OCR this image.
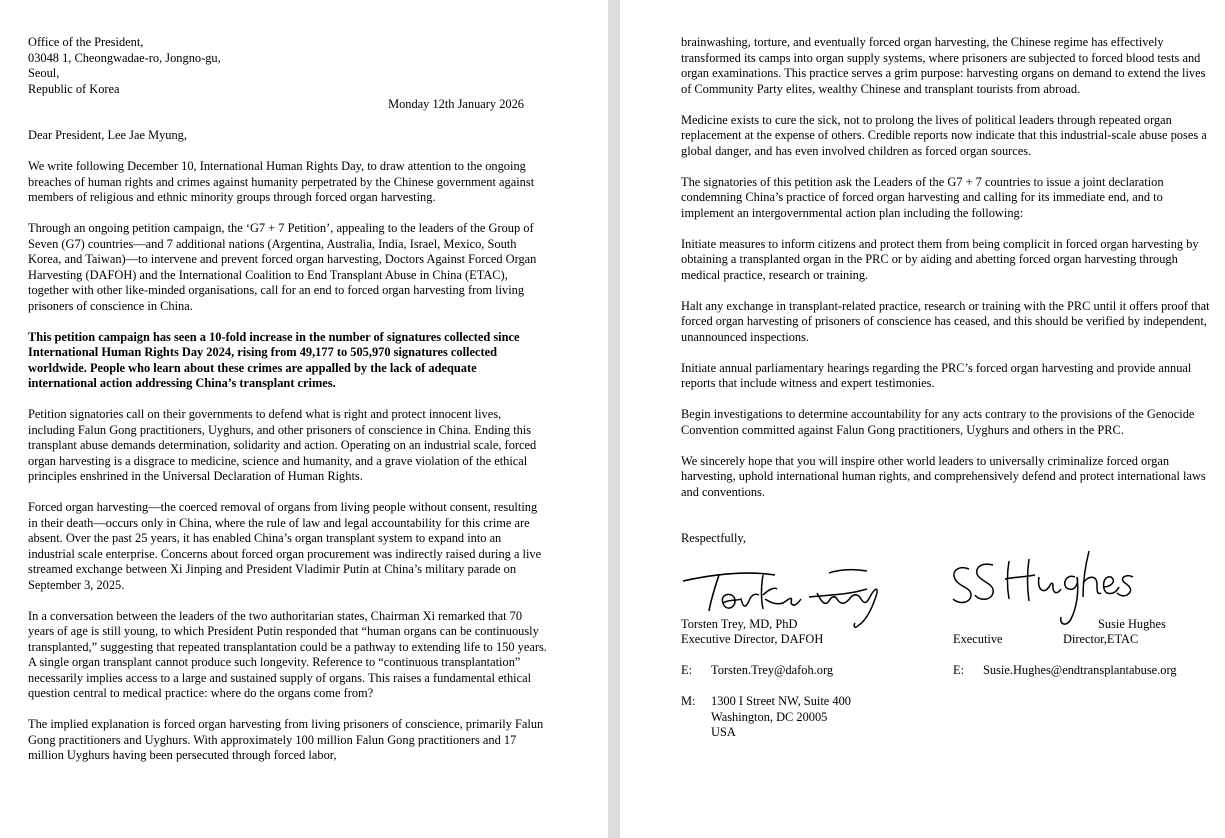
Office of the President,
03048 1, Cheongwadae-ro, Jongno-gu,
Seoul,
Republic of Korea
Monday 12th January 2026

Dear President, Lee Jae Myung,

We write following December 10, International Human Rights Day, to draw attention to the ongoing breaches of human rights and crimes against humanity perpetrated by the Chinese government against members of religious and ethnic minority groups through forced organ harvesting.

Through an ongoing petition campaign, the ‘G7 + 7 Petition’, appealing to the leaders of the Group of Seven (G7) countries—and 7 additional nations (Argentina, Australia, India, Israel, Mexico, South Korea, and Taiwan)—to intervene and prevent forced organ harvesting, Doctors Against Forced Organ Harvesting (DAFOH) and the International Coalition to End Transplant Abuse in China (ETAC), together with other like-minded organisations, call for an end to forced organ harvesting from living prisoners of conscience in China.

This petition campaign has seen a 10-fold increase in the number of signatures collected since International Human Rights Day 2024, rising from 49,177 to 505,970 signatures collected worldwide. People who learn about these crimes are appalled by the lack of adequate international action addressing China’s transplant crimes.

Petition signatories call on their governments to defend what is right and protect innocent lives, including Falun Gong practitioners, Uyghurs, and other prisoners of conscience in China. Ending this transplant abuse demands determination, solidarity and action. Operating on an industrial scale, forced organ harvesting is a disgrace to medicine, science and humanity, and a grave violation of the ethical principles enshrined in the Universal Declaration of Human Rights.

Forced organ harvesting—the coerced removal of organs from living people without consent, resulting in their death—occurs only in China, where the rule of law and legal accountability for this crime are absent. Over the past 25 years, it has enabled China’s organ transplant system to expand into an industrial scale enterprise. Concerns about forced organ procurement was indirectly raised during a live streamed exchange between Xi Jinping and President Vladimir Putin at China’s military parade on September 3, 2025.

In a conversation between the leaders of the two authoritarian states, Chairman Xi remarked that 70 years of age is still young, to which President Putin responded that “human organs can be continuously transplanted,” suggesting that repeated transplantation could be a pathway to extending life to 150 years. A single organ transplant cannot produce such longevity. Reference to “continuous transplantation” necessarily implies access to a large and sustained supply of organs. This raises a fundamental ethical question central to medical practice: where do the organs come from?

The implied explanation is forced organ harvesting from living prisoners of conscience, primarily Falun Gong practitioners and Uyghurs. With approximately 100 million Falun Gong practitioners and 17 million Uyghurs having been persecuted through forced labor,

brainwashing, torture, and eventually forced organ harvesting, the Chinese regime has effectively transformed its camps into organ supply systems, where prisoners are subjected to forced blood tests and organ examinations. This practice serves a grim purpose: harvesting organs on demand to extend the lives of Community Party elites, wealthy Chinese and transplant tourists from abroad.

Medicine exists to cure the sick, not to prolong the lives of political leaders through repeated organ replacement at the expense of others. Credible reports now indicate that this industrial-scale abuse poses a global danger, and has even involved children as forced organ sources.

The signatories of this petition ask the Leaders of the G7 + 7 countries to issue a joint declaration condemning China’s practice of forced organ harvesting and calling for its immediate end, and to implement an intergovernmental action plan including the following:

Initiate measures to inform citizens and protect them from being complicit in forced organ harvesting by obtaining a transplanted organ in the PRC or by aiding and abetting forced organ harvesting through medical practice, research or training.

Halt any exchange in transplant-related practice, research or training with the PRC until it offers proof that forced organ harvesting of prisoners of conscience has ceased, and this should be verified by independent, unannounced inspections.

Initiate annual parliamentary hearings regarding the PRC’s forced organ harvesting and provide annual reports that include witness and expert testimonies.

Begin investigations to determine accountability for any acts contrary to the provisions of the Genocide Convention committed against Falun Gong practitioners, Uyghurs and others in the PRC.

We sincerely hope that you will inspire other world leaders to universally criminalize forced organ harvesting, uphold international human rights, and comprehensively defend and protect international laws and conventions.

Respectfully,
Torsten Trey, MD, PhD
Executive Director, DAFOH
Susie Hughes
Executive	Director,ETAC
E: Torsten.Trey@dafoh.org	E: Susie.Hughes@endtransplantabuse.org
M: 1300 I Street NW, Suite 400
Washington, DC 20005
USA
